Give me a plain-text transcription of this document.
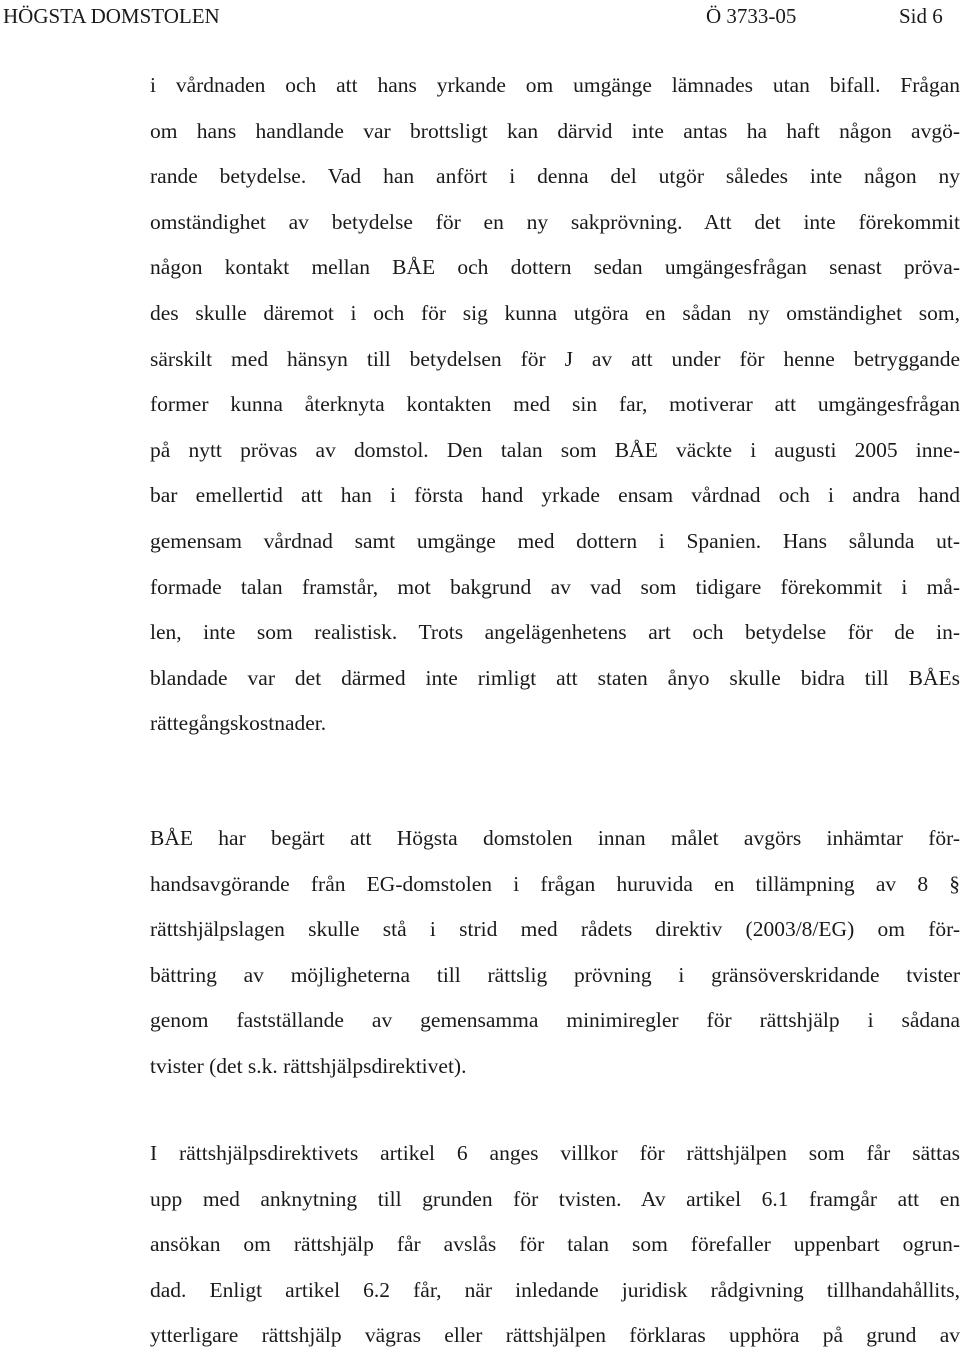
HÖGSTA DOMSTOLEN	Ö 3733-05	Sid 6
i vårdnaden och att hans yrkande om umgänge lämnades utan bifall. Frågan
om hans handlande var brottsligt kan därvid inte antas ha haft någon avgö-
rande betydelse. Vad han anfört i denna del utgör således inte någon ny
omständighet av betydelse för en ny sakprövning. Att det inte förekommit
någon kontakt mellan BÅE och dottern sedan umgängesfrågan senast pröva-
des skulle däremot i och för sig kunna utgöra en sådan ny omständighet som,
särskilt med hänsyn till betydelsen för J av att under för henne betryggande
former kunna återknyta kontakten med sin far, motiverar att umgängesfrågan
på nytt prövas av domstol. Den talan som BÅE väckte i augusti 2005 inne-
bar emellertid att han i första hand yrkade ensam vårdnad och i andra hand
gemensam vårdnad samt umgänge med dottern i Spanien. Hans sålunda ut-
formade talan framstår, mot bakgrund av vad som tidigare förekommit i må-
len, inte som realistisk. Trots angelägenhetens art och betydelse för de in-
blandade var det därmed inte rimligt att staten ånyo skulle bidra till BÅEs
rättegångskostnader.
BÅE har begärt att Högsta domstolen innan målet avgörs inhämtar för-
handsavgörande från EG-domstolen i frågan huruvida en tillämpning av 8 §
rättshjälpslagen skulle stå i strid med rådets direktiv (2003/8/EG) om för-
bättring av möjligheterna till rättslig prövning i gränsöverskridande tvister
genom fastställande av gemensamma minimiregler för rättshjälp i sådana
tvister (det s.k. rättshjälpsdirektivet).
I rättshjälpsdirektivets artikel 6 anges villkor för rättshjälpen som får sättas
upp med anknytning till grunden för tvisten. Av artikel 6.1 framgår att en
ansökan om rättshjälp får avslås för talan som förefaller uppenbart ogrun-
dad. Enligt artikel 6.2 får, när inledande juridisk rådgivning tillhandahållits,
ytterligare rättshjälp vägras eller rättshjälpen förklaras upphöra på grund av
